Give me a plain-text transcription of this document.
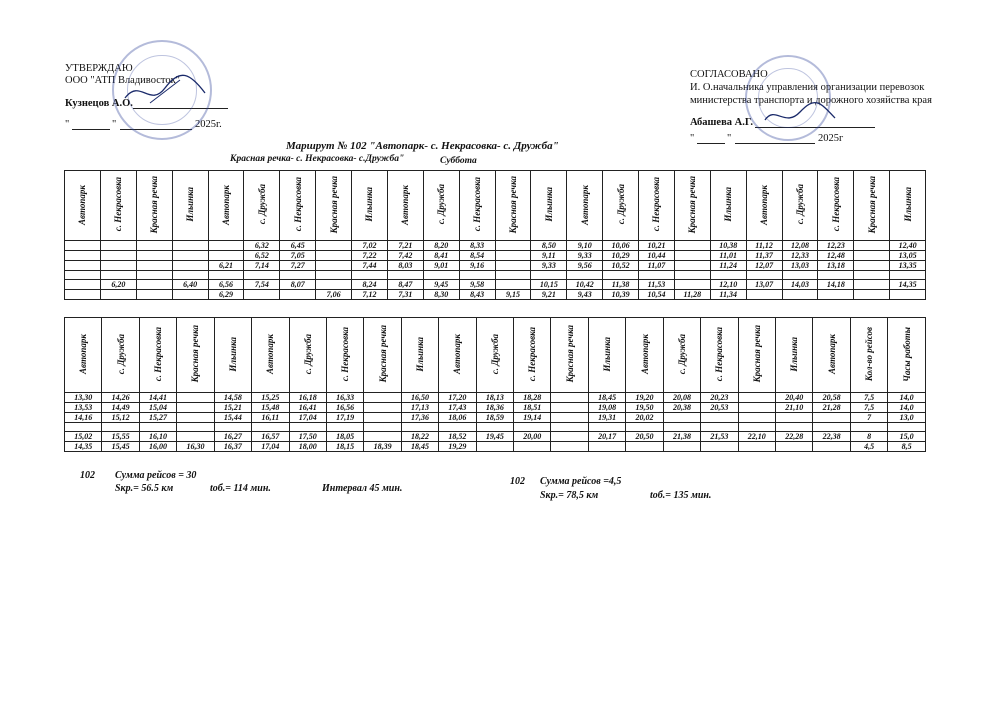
УТВЕРЖДАЮ
ООО "АТП Владивосток"
Кузнецов А.О.
"	"	2025г.
СОГЛАСОВАНО
И. О.начальника управления организации перевозок
министерства транспорта и дорожного хозяйства края
Абашева А.Г.
"	"	2025г
Маршрут № 102 "Автопарк- с. Некрасовка- с. Дружба"
Красная речка- с. Некрасовка- с.Дружба"	Суббота
Автопарк	с. Некрасовка	Красная речка	Ильинка	Автопарк	с. Дружба	с. Некрасовка	Красная речка	Ильинка	Автопарк	с. Дружба	с. Некрасовка	Красная речка	Ильинка	Автопарк	с. Дружба	с. Некрасовка	Красная речка	Ильинка	Автопарк	с. Дружба	с. Некрасовка	Красная речка	Ильинка
					6,32	6,45		7,02	7,21	8,20	8,33		8,50	9,10	10,06	10,21		10,38	11,12	12,08	12,23		12,40
					6,52	7,05		7,22	7,42	8,41	8,54		9,11	9,33	10,29	10,44		11,01	11,37	12,33	12,48		13,05
				6,21	7,14	7,27		7,44	8,03	9,01	9,16		9,33	9,56	10,52	11,07		11,24	12,07	13,03	13,18		13,35

	6,20		6,40	6,56	7,54	8,07		8,24	8,47	9,45	9,58		10,15	10,42	11,38	11,53		12,10	13,07	14,03	14,18		14,35
				6,29			7,06	7,12	7,31	8,30	8,43	9,15	9,21	9,43	10,39	10,54	11,28	11,34					
Автопарк	с. Дружба	с. Некрасовка	Красная речка	Ильинка	Автопарк	с. Дружба	с. Некрасовка	Красная речка	Ильинка	Автопарк	с. Дружба	с. Некрасовка	Красная речка	Ильинка	Автопарк	с. Дружба	с. Некрасовка	Красная речка	Ильинка	Автопарк	Кол-во рейсов	Часы работы
13,30	14,26	14,41		14,58	15,25	16,18	16,33		16,50	17,20	18,13	18,28		18,45	19,20	20,08	20,23		20,40	20,58	7,5	14,0
13,53	14,49	15,04		15,21	15,48	16,41	16,56		17,13	17,43	18,36	18,51		19,08	19,50	20,38	20,53		21,10	21,28	7,5	14,0
14,16	15,12	15,27		15,44	16,11	17,04	17,19		17,36	18,06	18,59	19,14		19,31	20,02						7	13,0

15,02	15,55	16,10		16,27	16,57	17,50	18,05		18,22	18,52	19,45	20,00		20,17	20,50	21,38	21,53	22,10	22,28	22,38	8	15,0
14,35	15,45	16,00	16,30	16,37	17,04	18,00	18,15	18,39	18,45	19,29											4,5	8,5
102 Сумма рейсов = 30
Sкр.= 56.5 км	tоб.= 114 мин.	Интервал 45 мин.
102 Сумма рейсов =4,5
Sкр.= 78,5 км	tоб.= 135 мин.
